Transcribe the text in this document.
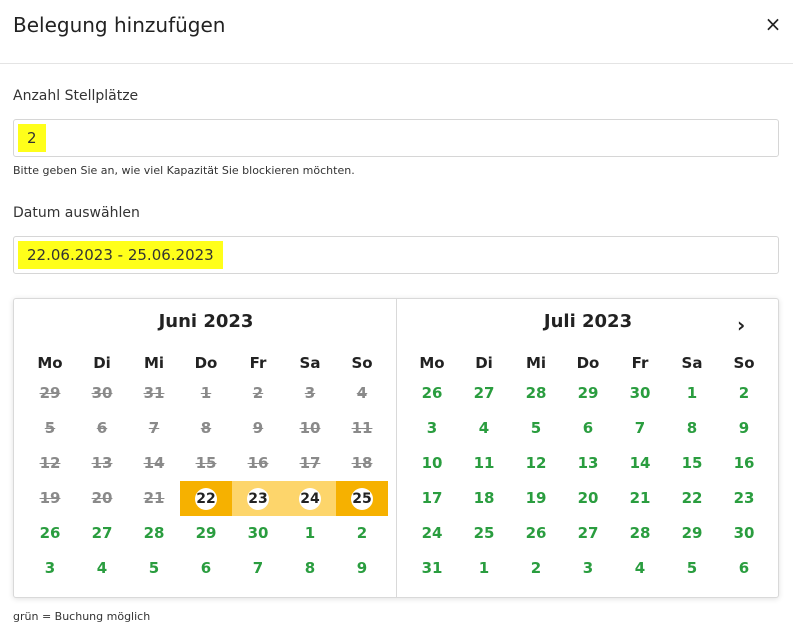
Belegung hinzufügen	×
Anzahl Stellplätze
2
Bitte geben Sie an, wie viel Kapazität Sie blockieren möchten.
Datum auswählen
22.06.2023 - 25.06.2023
Juni 2023
Mo	Di	Mi	Do	Fr	Sa	So
29	30	31	1	2	3	4
5	6	7	8	9	10	11
12	13	14	15	16	17	18
19	20	21	22	23	24	25
26	27	28	29	30	1	2
3	4	5	6	7	8	9
Juli 2023
Mo	Di	Mi	Do	Fr	Sa	So
26	27	28	29	30	1	2
3	4	5	6	7	8	9
10	11	12	13	14	15	16
17	18	19	20	21	22	23
24	25	26	27	28	29	30
31	1	2	3	4	5	6
›
grün = Buchung möglich
